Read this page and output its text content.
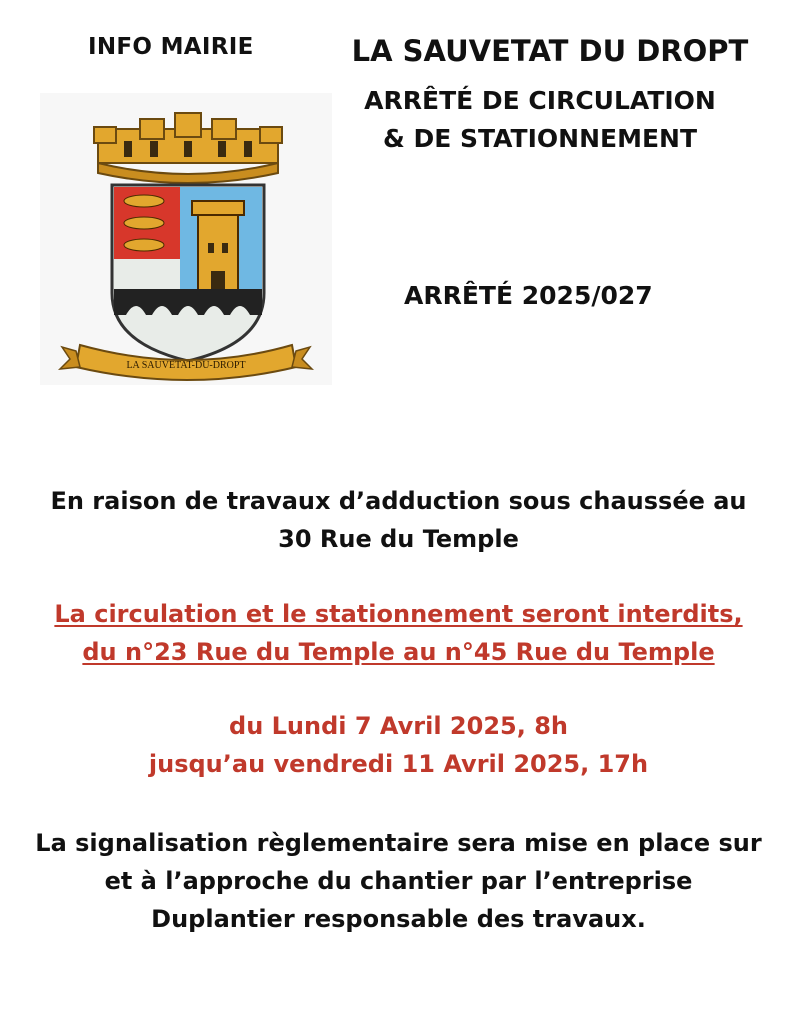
INFO MAIRIE	LA SAUVETAT DU DROPT
ARRÊTÉ DE CIRCULATION
& DE STATIONNEMENT
ARRÊTÉ 2025/027
LA SAUVETAT-DU-DROPT
En raison de travaux d’adduction sous chaussée au
30 Rue du Temple
La circulation et le stationnement seront interdits,
du n°23 Rue du Temple au n°45 Rue du Temple
du Lundi 7 Avril 2025, 8h
jusqu’au vendredi 11 Avril 2025, 17h
La signalisation règlementaire sera mise en place sur
et à l’approche du chantier par l’entreprise
Duplantier responsable des travaux.
